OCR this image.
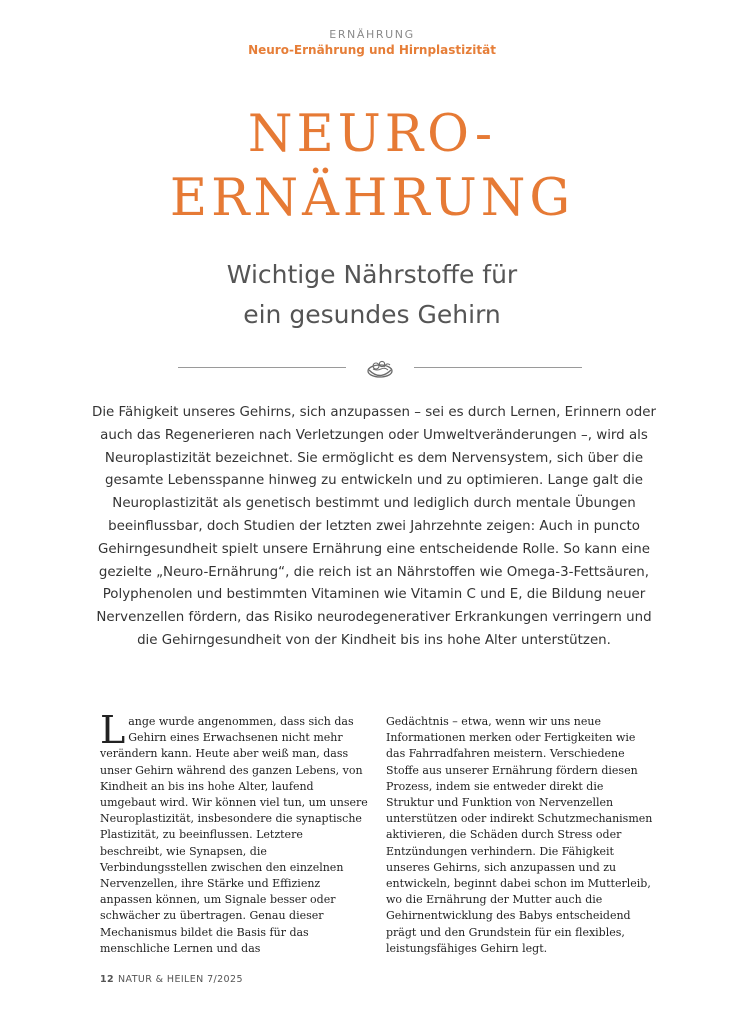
ERNÄHRUNG
Neuro-Ernährung und Hirnplastizität
NEURO-
ERNÄHRUNG
Wichtige Nährstoffe für
ein gesundes Gehirn

Die Fähigkeit unseres Gehirns, sich anzupassen – sei es durch Lernen, Erinnern oder auch das Regenerieren nach Verletzungen oder Umweltveränderungen –, wird als Neuroplastizität bezeichnet. Sie ermöglicht es dem Nervensystem, sich über die gesamte Lebensspanne hinweg zu entwickeln und zu optimieren. Lange galt die Neuroplastizität als genetisch bestimmt und lediglich durch mentale Übungen beeinflussbar, doch Studien der letzten zwei Jahrzehnte zeigen: Auch in puncto Gehirngesundheit spielt unsere Ernährung eine entscheidende Rolle. So kann eine gezielte „Neuro-Ernährung“, die reich ist an Nährstoffen wie Omega-3-Fettsäuren, Polyphenolen und bestimmten Vitaminen wie Vitamin C und E, die Bildung neuer Nervenzellen fördern, das Risiko neurodegenerativer Erkrankungen verringern und die Gehirngesundheit von der Kindheit bis ins hohe Alter unterstützen.

Lange wurde angenommen, dass sich das Gehirn eines Erwachsenen nicht mehr verändern kann. Heute aber weiß man, dass unser Gehirn während des ganzen Lebens, von Kindheit an bis ins hohe Alter, laufend umgebaut wird. Wir können viel tun, um unsere Neuroplastizität, insbesondere die synaptische Plastizität, zu beeinflussen. Letztere beschreibt, wie Synapsen, die Verbindungsstellen zwischen den einzelnen Nervenzellen, ihre Stärke und Effizienz anpassen können, um Signale besser oder schwächer zu übertragen. Genau dieser Mechanismus bildet die Basis für das menschliche Lernen und das
Gedächtnis – etwa, wenn wir uns neue Informationen merken oder Fertigkeiten wie das Fahrradfahren meistern. Verschiedene Stoffe aus unserer Ernährung fördern diesen Prozess, indem sie entweder direkt die Struktur und Funktion von Nervenzellen unterstützen oder indirekt Schutzmechanismen aktivieren, die Schäden durch Stress oder Entzündungen verhindern. Die Fähigkeit unseres Gehirns, sich anzupassen und zu entwickeln, beginnt dabei schon im Mutterleib, wo die Ernährung der Mutter auch die Gehirnentwicklung des Babys entscheidend prägt und den Grundstein für ein flexibles, leistungsfähiges Gehirn legt.
12 NATUR & HEILEN 7/2025
